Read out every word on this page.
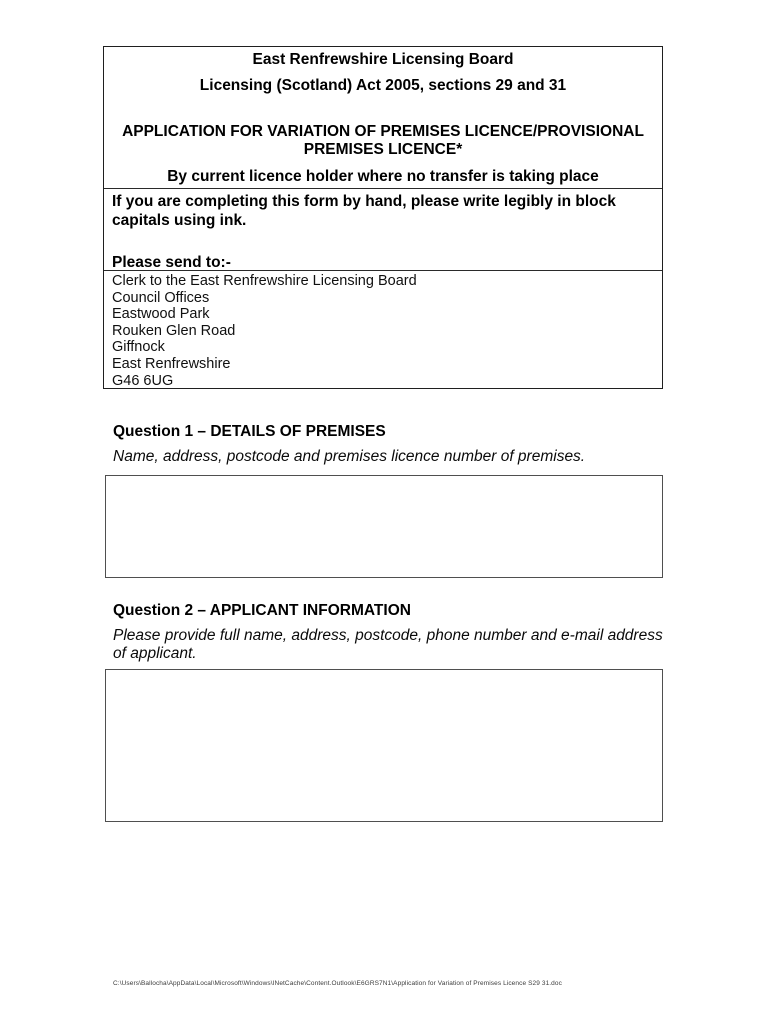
East Renfrewshire Licensing Board

Licensing (Scotland) Act 2005, sections 29 and 31

APPLICATION FOR VARIATION OF PREMISES LICENCE/PROVISIONAL PREMISES LICENCE*

By current licence holder where no transfer is taking place

If you are completing this form by hand, please write legibly in block capitals using ink.

Please send to:-

Clerk to the East Renfrewshire Licensing Board
Council Offices
Eastwood Park
Rouken Glen Road
Giffnock
East Renfrewshire
G46 6UG
Question 1 – DETAILS OF PREMISES

Name, address, postcode and premises licence number of premises.

Question 2 – APPLICANT INFORMATION

Please provide full name, address, postcode, phone number and e-mail address of applicant.

C:\Users\Ballocha\AppData\Local\Microsoft\Windows\INetCache\Content.Outlook\E6GRS7N1\Application for Variation of Premises Licence S29 31.doc
